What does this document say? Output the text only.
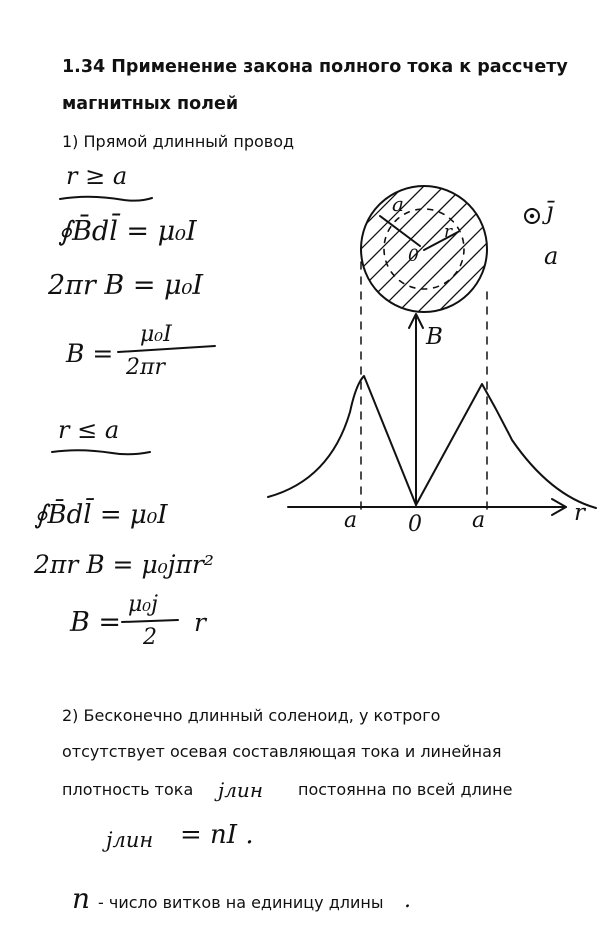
1.34 Применение закона полного тока к рассчету
магнитных полей
1) Прямой длинный провод
r ≥ a
∮B̄dl̄ = μ₀I
2πr B = μ₀I
B =
μ₀I
2πr
r ≤ a
∮B̄dl̄ = μ₀I
2πr B = μ₀jπr²
B =
μ₀j
2
r
a
r
0	a
B
r
a 0 a
j̄
2) Бесконечно длинный соленоид, у котрого
отсутствует осевая составляющая тока и линейная
плотность тока jлин постоянна по всей длине
jлин = nI .
n - число витков на единицу длины .
